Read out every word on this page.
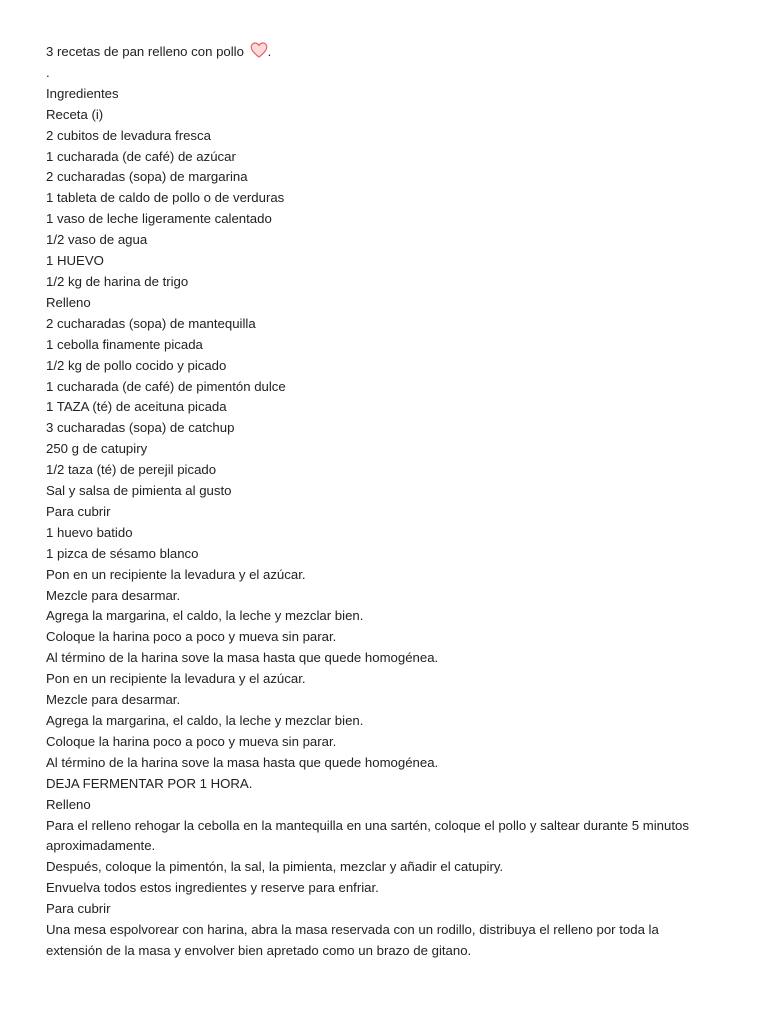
3 recetas de pan relleno con pollo .
.
Ingredientes
Receta (i)
2 cubitos de levadura fresca
1 cucharada (de café) de azúcar
2 cucharadas (sopa) de margarina
1 tableta de caldo de pollo o de verduras
1 vaso de leche ligeramente calentado
1/2 vaso de agua
1 HUEVO
1/2 kg de harina de trigo
Relleno
2 cucharadas (sopa) de mantequilla
1 cebolla finamente picada
1/2 kg de pollo cocido y picado
1 cucharada (de café) de pimentón dulce
1 TAZA (té) de aceituna picada
3 cucharadas (sopa) de catchup
250 g de catupiry
1/2 taza (té) de perejil picado
Sal y salsa de pimienta al gusto
Para cubrir
1 huevo batido
1 pizca de sésamo blanco
Pon en un recipiente la levadura y el azúcar.
Mezcle para desarmar.
Agrega la margarina, el caldo, la leche y mezclar bien.
Coloque la harina poco a poco y mueva sin parar.
Al término de la harina sove la masa hasta que quede homogénea.
Pon en un recipiente la levadura y el azúcar.
Mezcle para desarmar.
Agrega la margarina, el caldo, la leche y mezclar bien.
Coloque la harina poco a poco y mueva sin parar.
Al término de la harina sove la masa hasta que quede homogénea.
DEJA FERMENTAR POR 1 HORA.
Relleno
Para el relleno rehogar la cebolla en la mantequilla en una sartén, coloque el pollo y saltear durante 5 minutos
aproximadamente.
Después, coloque la pimentón, la sal, la pimienta, mezclar y añadir el catupiry.
Envuelva todos estos ingredientes y reserve para enfriar.
Para cubrir
Una mesa espolvorear con harina, abra la masa reservada con un rodillo, distribuya el relleno por toda la
extensión de la masa y envolver bien apretado como un brazo de gitano.
